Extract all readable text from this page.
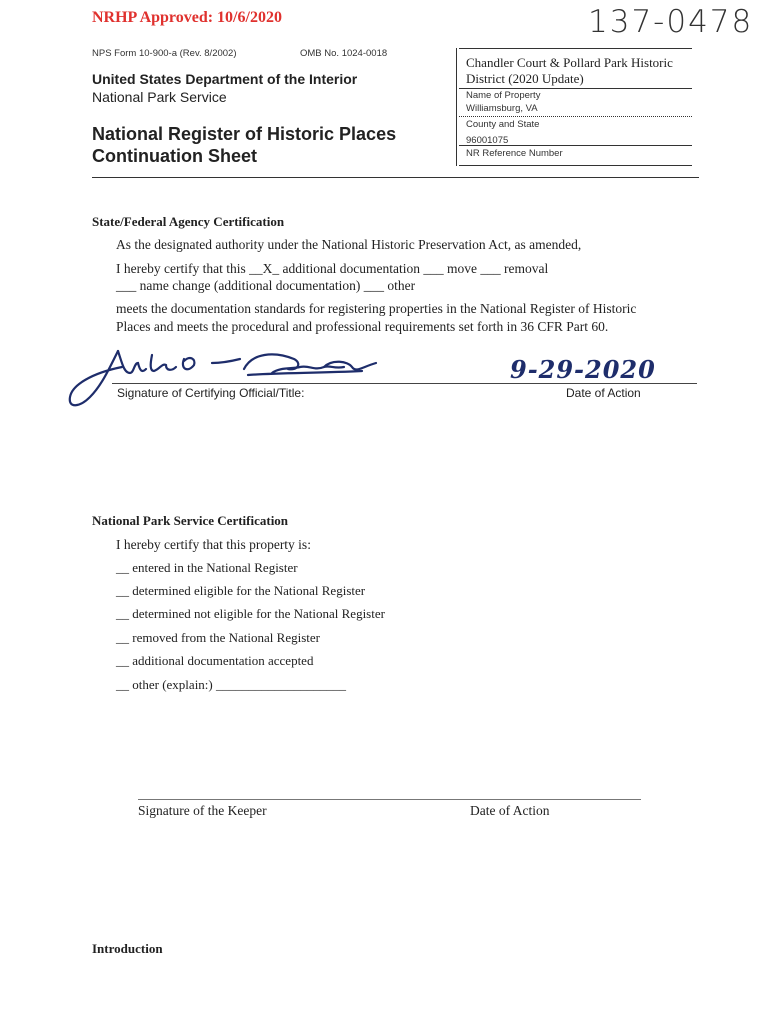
NRHP Approved: 10/6/2020	137-0478
NPS Form 10-900-a (Rev. 8/2002)	OMB No. 1024-0018
United States Department of the Interior
National Park Service
National Register of Historic Places
Continuation Sheet
Chandler Court & Pollard Park Historic
District (2020 Update)
Name of Property
Williamsburg, VA
County and State
96001075
NR Reference Number
State/Federal Agency Certification
As the designated authority under the National Historic Preservation Act, as amended,
I hereby certify that this __X_ additional documentation ___ move ___ removal
___ name change (additional documentation) ___ other
meets the documentation standards for registering properties in the National Register of Historic
Places and meets the procedural and professional requirements set forth in 36 CFR Part 60.
Signature of Certifying Official/Title:
9-29-2020
Date of Action
National Park Service Certification
I hereby certify that this property is:
__ entered in the National Register
__ determined eligible for the National Register
__ determined not eligible for the National Register
__ removed from the National Register
__ additional documentation accepted
__ other (explain:) ____________________
Signature of the Keeper	Date of Action
Introduction
